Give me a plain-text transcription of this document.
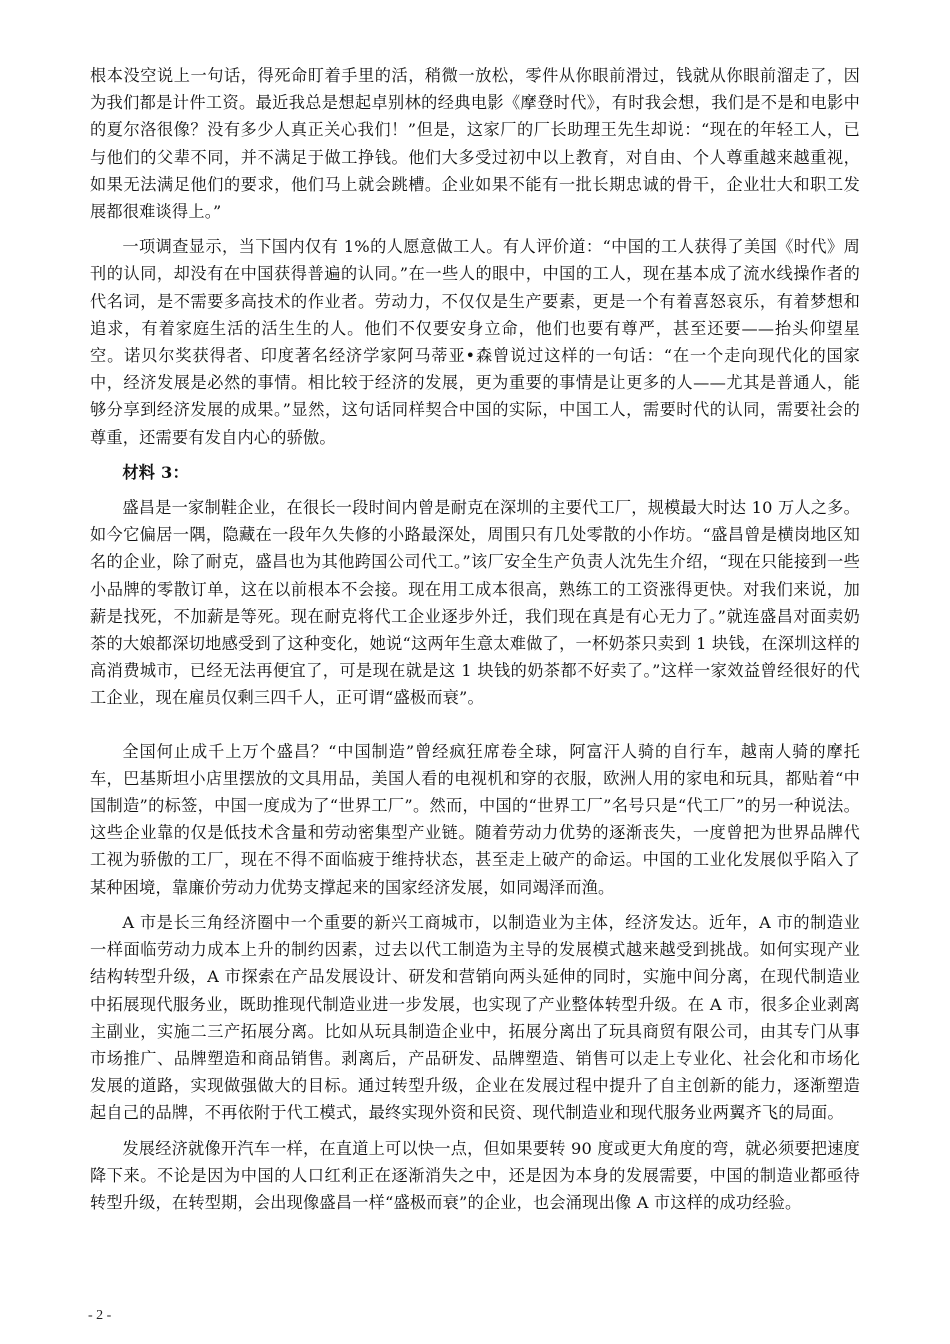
根本没空说上一句话，得死命盯着手里的活，稍微一放松，零件从你眼前滑过，钱就从你眼前溜走了，因为我们都是计件工资。最近我总是想起卓别林的经典电影《摩登时代》，有时我会想，我们是不是和电影中的夏尔洛很像？没有多少人真正关心我们！”但是，这家厂的厂长助理王先生却说：“现在的年轻工人，已与他们的父辈不同，并不满足于做工挣钱。他们大多受过初中以上教育，对自由、个人尊重越来越重视，如果无法满足他们的要求，他们马上就会跳槽。企业如果不能有一批长期忠诚的骨干，企业壮大和职工发展都很难谈得上。”

一项调查显示，当下国内仅有 1%的人愿意做工人。有人评价道：“中国的工人获得了美国《时代》周刊的认同，却没有在中国获得普遍的认同。”在一些人的眼中，中国的工人，现在基本成了流水线操作者的代名词，是不需要多高技术的作业者。劳动力，不仅仅是生产要素，更是一个有着喜怒哀乐，有着梦想和追求，有着家庭生活的活生生的人。他们不仅要安身立命，他们也要有尊严，甚至还要——抬头仰望星空。诺贝尔奖获得者、印度著名经济学家阿马蒂亚•森曾说过这样的一句话：“在一个走向现代化的国家中，经济发展是必然的事情。相比较于经济的发展，更为重要的事情是让更多的人——尤其是普通人，能够分享到经济发展的成果。”显然，这句话同样契合中国的实际，中国工人，需要时代的认同，需要社会的尊重，还需要有发自内心的骄傲。

材料 3：

盛昌是一家制鞋企业，在很长一段时间内曾是耐克在深圳的主要代工厂，规模最大时达 10 万人之多。如今它偏居一隅，隐藏在一段年久失修的小路最深处，周围只有几处零散的小作坊。“盛昌曾是横岗地区知名的企业，除了耐克，盛昌也为其他跨国公司代工。”该厂安全生产负责人沈先生介绍，“现在只能接到一些小品牌的零散订单，这在以前根本不会接。现在用工成本很高，熟练工的工资涨得更快。对我们来说，加薪是找死，不加薪是等死。现在耐克将代工企业逐步外迁，我们现在真是有心无力了。”就连盛昌对面卖奶茶的大娘都深切地感受到了这种变化，她说“这两年生意太难做了，一杯奶茶只卖到 1 块钱，在深圳这样的高消费城市，已经无法再便宜了，可是现在就是这 1 块钱的奶茶都不好卖了。”这样一家效益曾经很好的代工企业，现在雇员仅剩三四千人，正可谓“盛极而衰”。

全国何止成千上万个盛昌？“中国制造”曾经疯狂席卷全球，阿富汗人骑的自行车，越南人骑的摩托车，巴基斯坦小店里摆放的文具用品，美国人看的电视机和穿的衣服，欧洲人用的家电和玩具，都贴着“中国制造”的标签，中国一度成为了“世界工厂”。然而，中国的“世界工厂”名号只是“代工厂”的另一种说法。这些企业靠的仅是低技术含量和劳动密集型产业链。随着劳动力优势的逐渐丧失，一度曾把为世界品牌代工视为骄傲的工厂，现在不得不面临疲于维持状态，甚至走上破产的命运。中国的工业化发展似乎陷入了某种困境，靠廉价劳动力优势支撑起来的国家经济发展，如同竭泽而渔。

A 市是长三角经济圈中一个重要的新兴工商城市，以制造业为主体，经济发达。近年，A 市的制造业一样面临劳动力成本上升的制约因素，过去以代工制造为主导的发展模式越来越受到挑战。如何实现产业结构转型升级，A 市探索在产品发展设计、研发和营销向两头延伸的同时，实施中间分离，在现代制造业中拓展现代服务业，既助推现代制造业进一步发展，也实现了产业整体转型升级。在 A 市，很多企业剥离主副业，实施二三产拓展分离。比如从玩具制造企业中，拓展分离出了玩具商贸有限公司，由其专门从事市场推广、品牌塑造和商品销售。剥离后，产品研发、品牌塑造、销售可以走上专业化、社会化和市场化发展的道路，实现做强做大的目标。通过转型升级，企业在发展过程中提升了自主创新的能力，逐渐塑造起自己的品牌，不再依附于代工模式，最终实现外资和民资、现代制造业和现代服务业两翼齐飞的局面。

发展经济就像开汽车一样，在直道上可以快一点，但如果要转 90 度或更大角度的弯，就必须要把速度降下来。不论是因为中国的人口红利正在逐渐消失之中，还是因为本身的发展需要，中国的制造业都亟待转型升级，在转型期，会出现像盛昌一样“盛极而衰”的企业，也会涌现出像 A 市这样的成功经验。

- 2 -
